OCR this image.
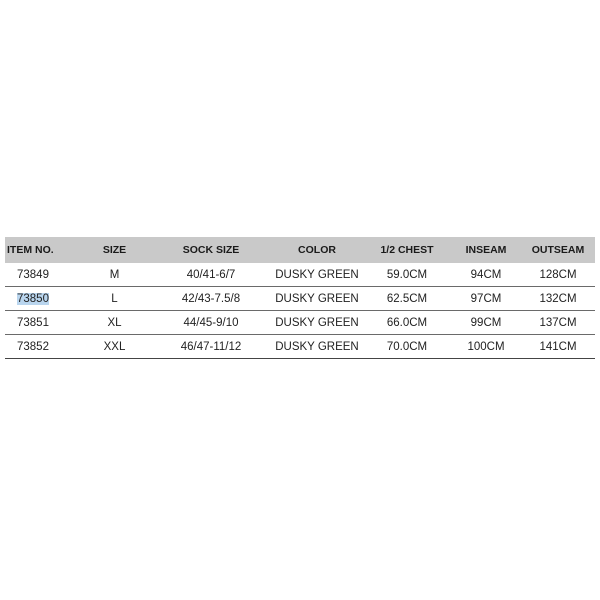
ITEM NO.	SIZE	SOCK SIZE	COLOR	1/2 CHEST	INSEAM	OUTSEAM
73849	M	40/41-6/7	DUSKY GREEN	59.0CM	94CM	128CM
73850	L	42/43-7.5/8	DUSKY GREEN	62.5CM	97CM	132CM
73851	XL	44/45-9/10	DUSKY GREEN	66.0CM	99CM	137CM
73852	XXL	46/47-11/12	DUSKY GREEN	70.0CM	100CM	141CM
